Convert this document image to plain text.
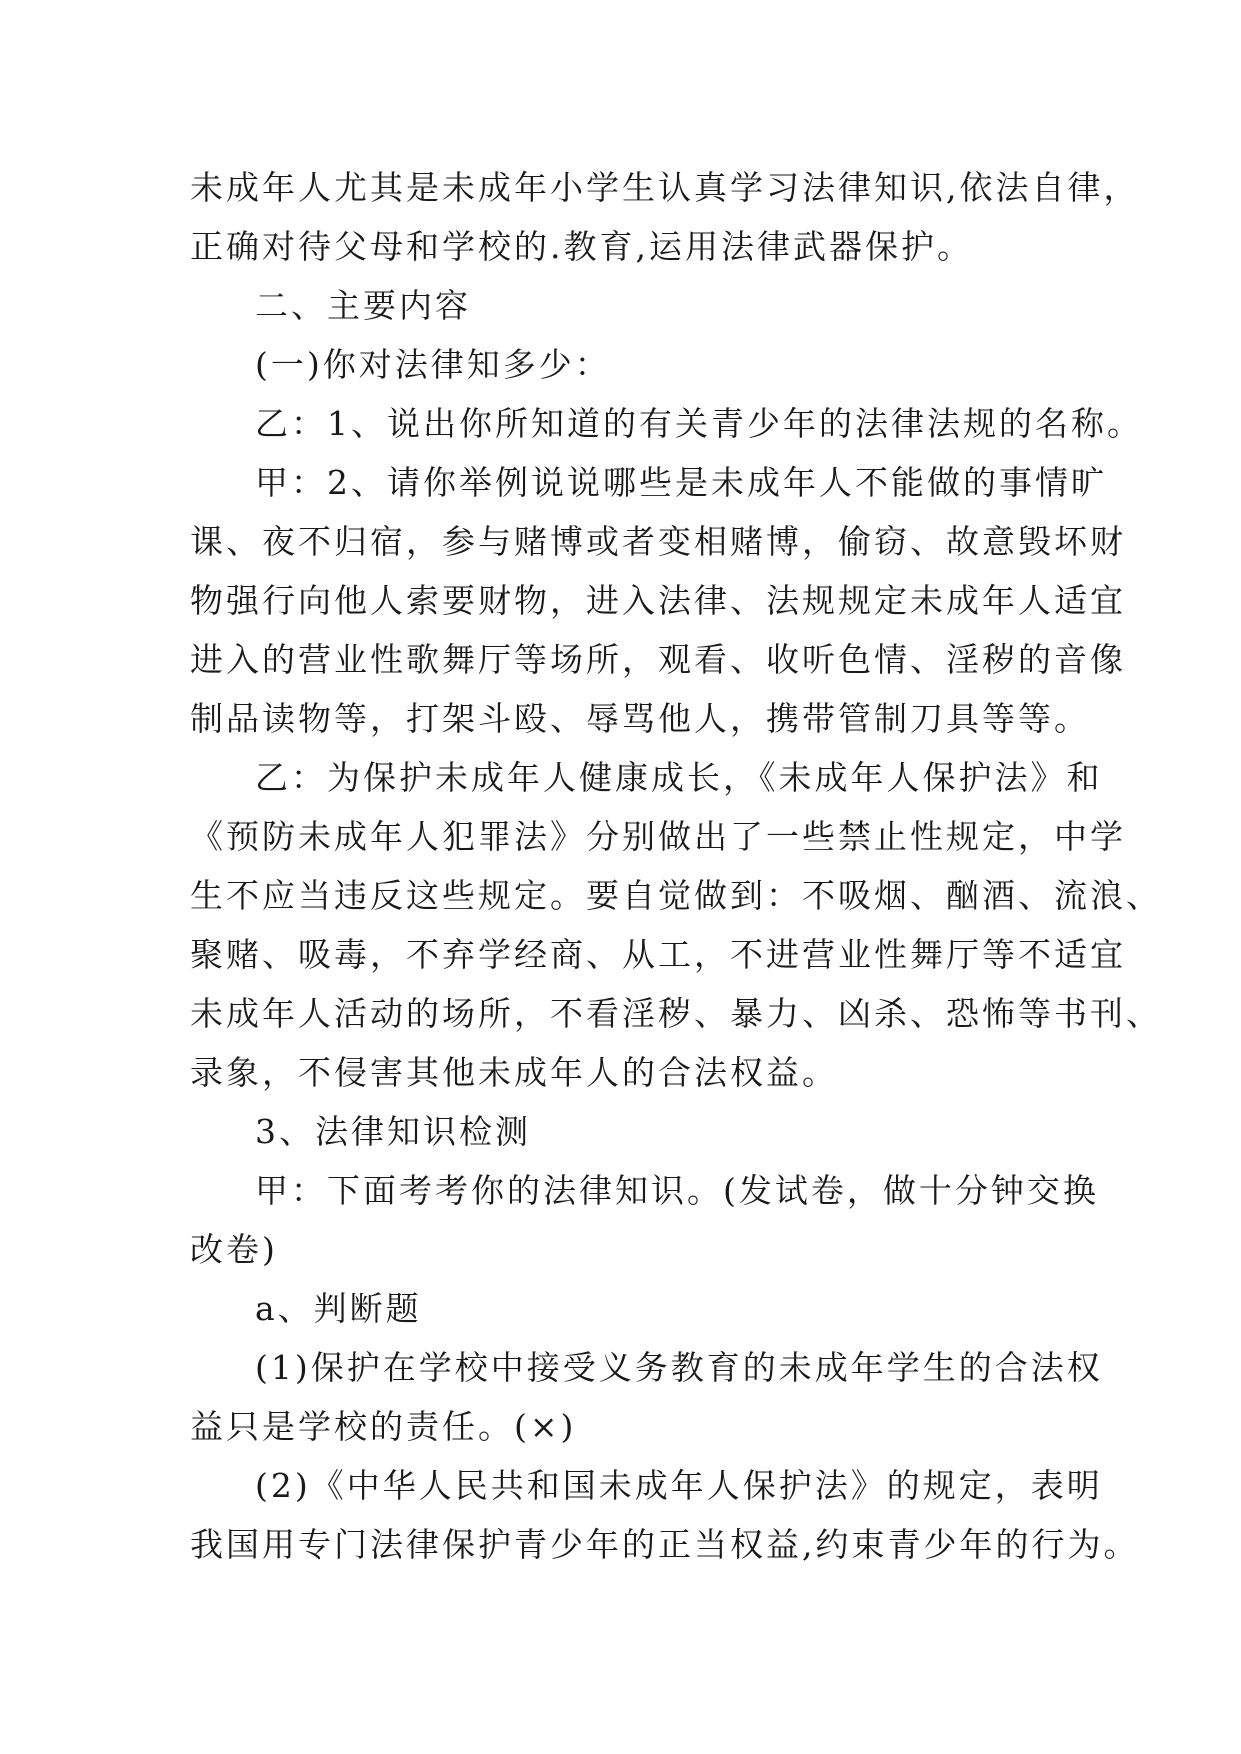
未成年人尤其是未成年小学生认真学习法律知识,依法自律，
正确对待父母和学校的.教育,运用法律武器保护。
二、主要内容
(一)你对法律知多少：
乙：1、说出你所知道的有关青少年的法律法规的名称。
甲：2、请你举例说说哪些是未成年人不能做的事情旷
课、夜不归宿，参与赌博或者变相赌博，偷窃、故意毁坏财
物强行向他人索要财物，进入法律、法规规定未成年人适宜
进入的营业性歌舞厅等场所，观看、收听色情、淫秽的音像
制品读物等，打架斗殴、辱骂他人，携带管制刀具等等。
乙：为保护未成年人健康成长，《未成年人保护法》和
《预防未成年人犯罪法》分别做出了一些禁止性规定，中学
生不应当违反这些规定。要自觉做到：不吸烟、酗酒、流浪、
聚赌、吸毒，不弃学经商、从工，不进营业性舞厅等不适宜
未成年人活动的场所，不看淫秽、暴力、凶杀、恐怖等书刊、
录象，不侵害其他未成年人的合法权益。
3、法律知识检测
甲：下面考考你的法律知识。(发试卷，做十分钟交换
改卷)
a、判断题
(1)保护在学校中接受义务教育的未成年学生的合法权
益只是学校的责任。(×)
(2)《中华人民共和国未成年人保护法》的规定，表明
我国用专门法律保护青少年的正当权益,约束青少年的行为。
